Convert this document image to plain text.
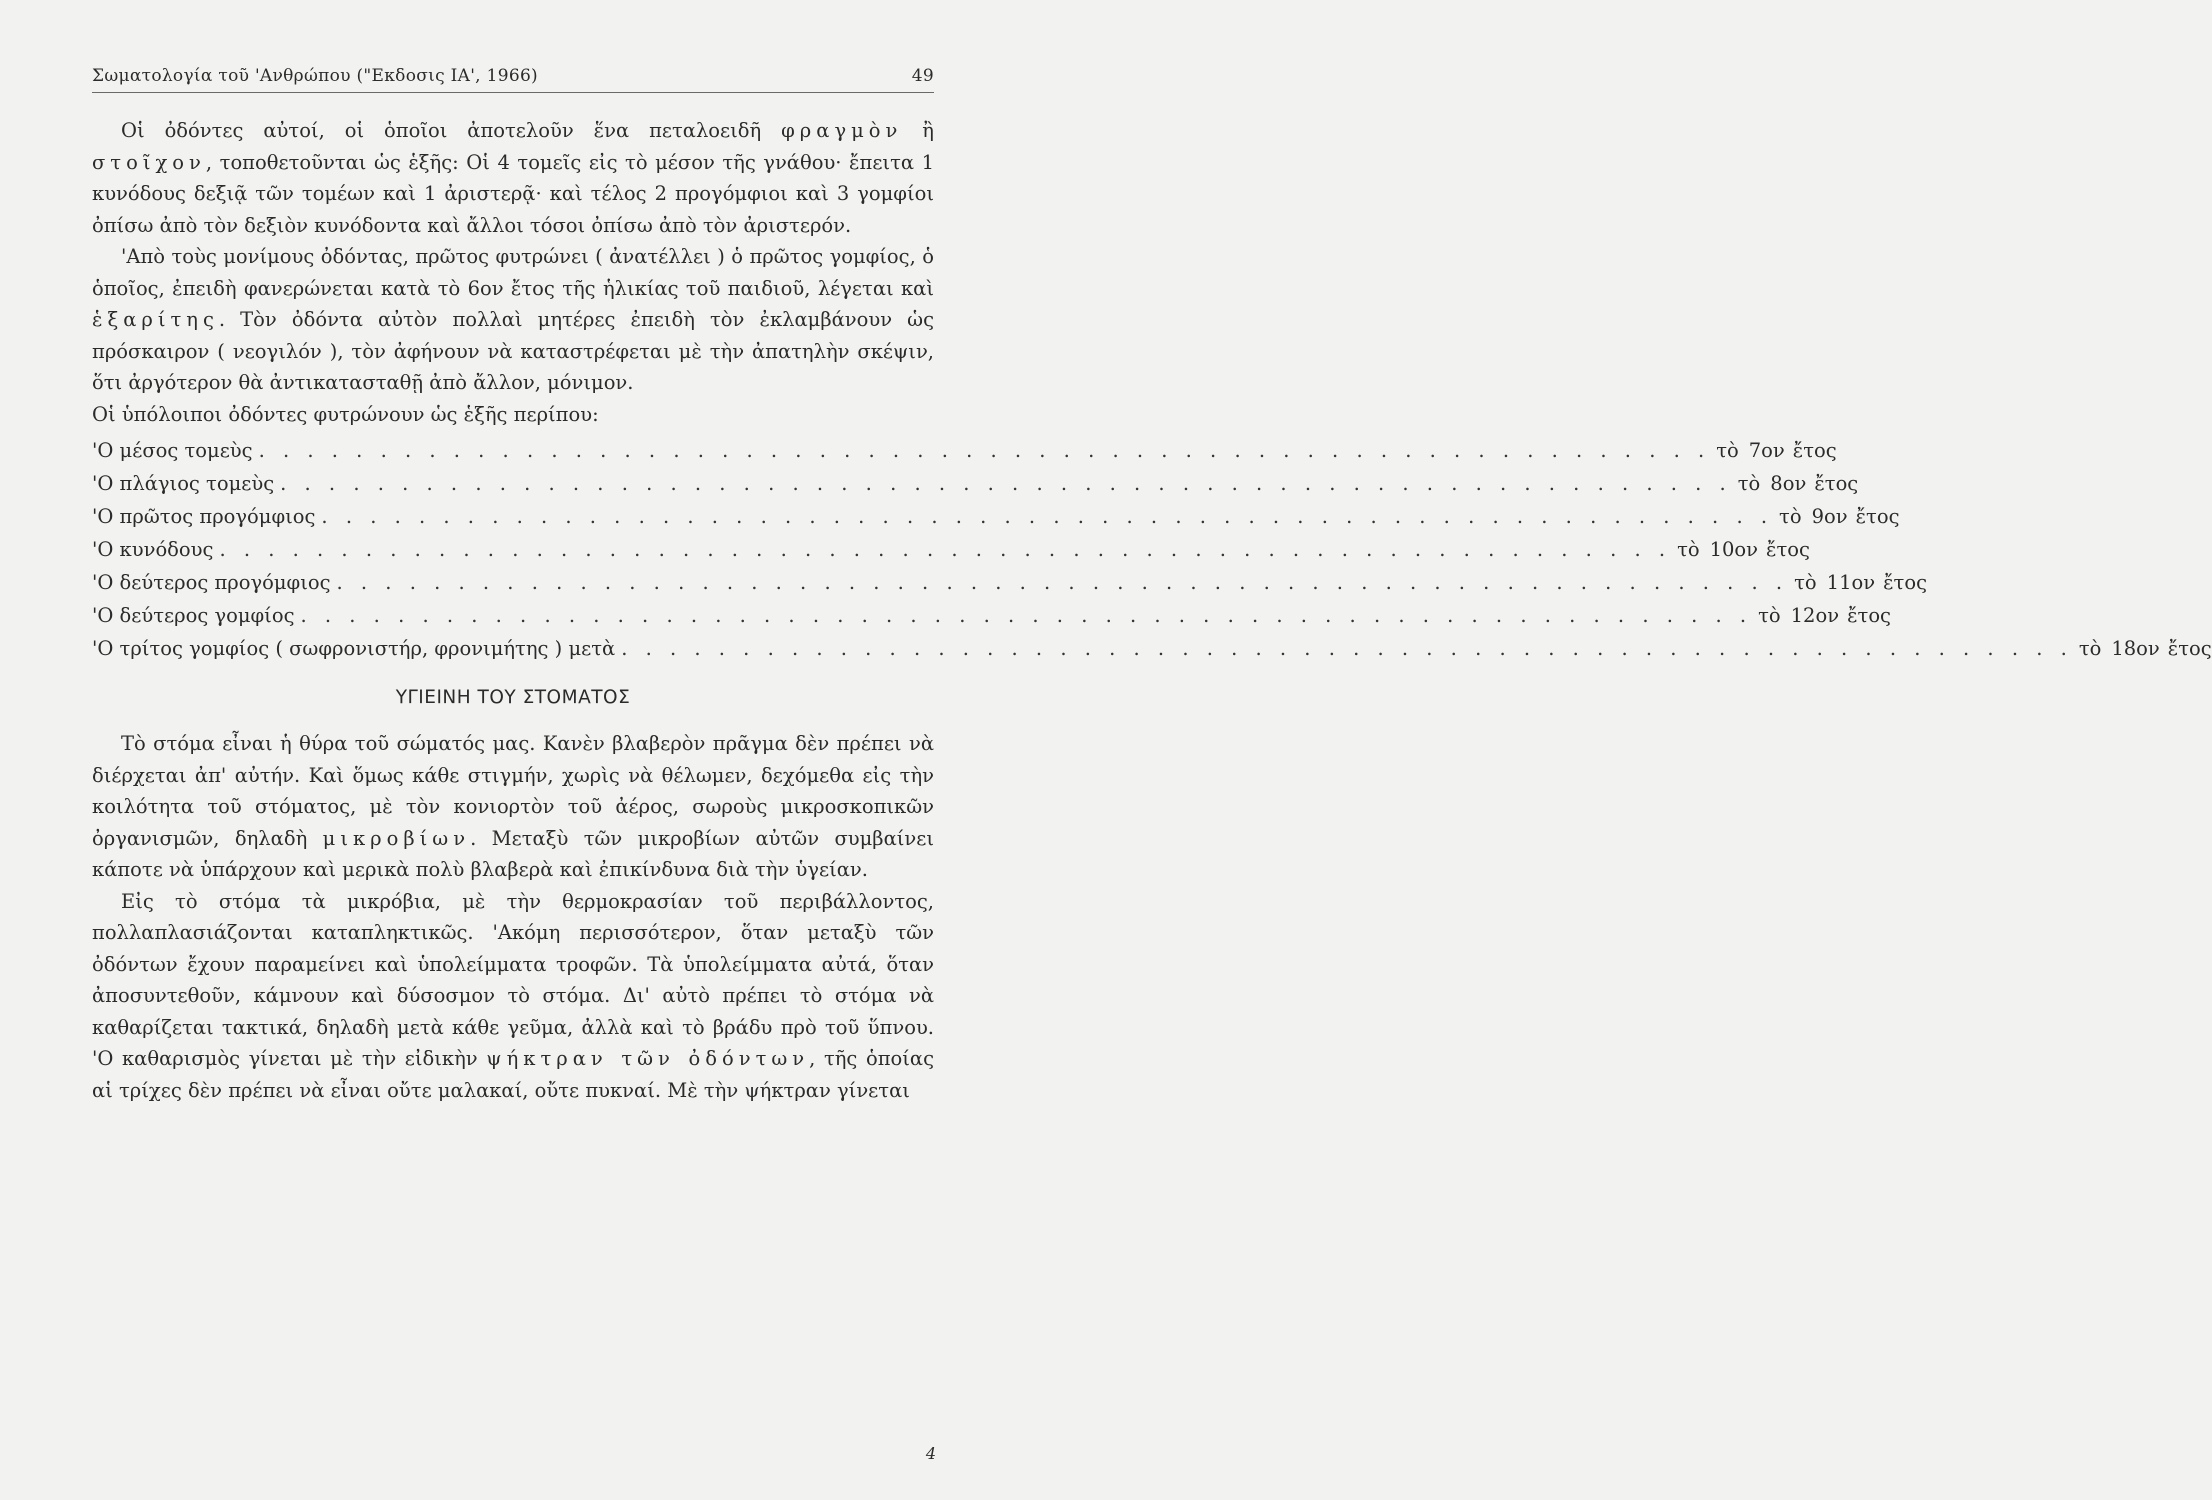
Σωματολογία τοῦ 'Ανθρώπου ("Εκδοσις ΙΑ', 1966)	49

Οἱ ὀδόντες αὐτοί, οἱ ὁποῖοι ἀποτελοῦν ἕνα πεταλοειδῆ φραγμὸν ἢ στοῖχον, τοποθετοῦνται ὡς ἑξῆς: Οἱ 4 τομεῖς εἰς τὸ μέσον τῆς γνάθου· ἔπειτα 1 κυνόδους δεξιᾷ τῶν τομέων καὶ 1 ἀριστερᾷ· καὶ τέλος 2 προγόμφιοι καὶ 3 γομφίοι ὀπίσω ἀπὸ τὸν δεξιὸν κυνόδοντα καὶ ἄλλοι τόσοι ὀπίσω ἀπὸ τὸν ἀριστερόν.

'Απὸ τοὺς μονίμους ὀδόντας, πρῶτος φυτρώνει ( ἀνατέλλει ) ὁ πρῶτος γομφίος, ὁ ὁποῖος, ἐπειδὴ φανερώνεται κατὰ τὸ 6ον ἔτος τῆς ἡλικίας τοῦ παιδιοῦ, λέγεται καὶ ἑξαρίτης. Τὸν ὀδόντα αὐτὸν πολλαὶ μητέρες ἐπειδὴ τὸν ἐκλαμβάνουν ὡς πρόσκαιρον ( νεογιλόν ), τὸν ἀφήνουν νὰ καταστρέφεται μὲ τὴν ἀπατηλὴν σκέψιν, ὅτι ἀργότερον θὰ ἀντικατασταθῇ ἀπὸ ἄλλον, μόνιμον.

Οἱ ὑπόλοιποι ὀδόντες φυτρώνουν ὡς ἑξῆς περίπου:

'Ο μέσος τομεὺς . . . . . . . . . . . . . . . . . . . . . . . . . . . . . . . . . . . . . . . . . . . . . . . . . . . . . . . . . . . . τὸ 7ον ἔτος
'Ο πλάγιος τομεὺς . . . . . . . . . . . . . . . . . . . . . . . . . . . . . . . . . . . . . . . . . . . . . . . . . . . . . . . . . . . . τὸ 8ον ἔτος
'Ο πρῶτος προγόμφιος . . . . . . . . . . . . . . . . . . . . . . . . . . . . . . . . . . . . . . . . . . . . . . . . . . . . . . . . . . . . τὸ 9ον ἔτος
'Ο κυνόδους . . . . . . . . . . . . . . . . . . . . . . . . . . . . . . . . . . . . . . . . . . . . . . . . . . . . . . . . . . . . τὸ 10ον ἔτος
'Ο δεύτερος προγόμφιος . . . . . . . . . . . . . . . . . . . . . . . . . . . . . . . . . . . . . . . . . . . . . . . . . . . . . . . . . . . . τὸ 11ον ἔτος
'Ο δεύτερος γομφίος . . . . . . . . . . . . . . . . . . . . . . . . . . . . . . . . . . . . . . . . . . . . . . . . . . . . . . . . . . . . τὸ 12ον ἔτος
'Ο τρίτος γομφίος ( σωφρονιστήρ, φρονιμήτης ) μετὰ . . . . . . . . . . . . . . . . . . . . . . . . . . . . . . . . . . . . . . . . . . . . . . . . . . . . . . . . . . . . τὸ 18ον ἔτος
ΥΓΙΕΙΝΗ ΤΟΥ ΣΤΟΜΑΤΟΣ

Τὸ στόμα εἶναι ἡ θύρα τοῦ σώματός μας. Κανὲν βλαβερὸν πρᾶγμα δὲν πρέπει νὰ διέρχεται ἀπ' αὐτήν. Καὶ ὅμως κάθε στιγμήν, χωρὶς νὰ θέλωμεν, δεχόμεθα εἰς τὴν κοιλότητα τοῦ στόματος, μὲ τὸν κονιορτὸν τοῦ ἀέρος, σωροὺς μικροσκοπικῶν ὀργανισμῶν, δηλαδὴ μικροβίων. Μεταξὺ τῶν μικροβίων αὐτῶν συμβαίνει κάποτε νὰ ὑπάρχουν καὶ μερικὰ πολὺ βλαβερὰ καὶ ἐπικίνδυνα διὰ τὴν ὑγείαν.

Εἰς τὸ στόμα τὰ μικρόβια, μὲ τὴν θερμοκρασίαν τοῦ περιβάλλοντος, πολλαπλασιάζονται καταπληκτικῶς. 'Ακόμη περισσότερον, ὅταν μεταξὺ τῶν ὀδόντων ἔχουν παραμείνει καὶ ὑπολείμματα τροφῶν. Τὰ ὑπολείμματα αὐτά, ὅταν ἀποσυντεθοῦν, κάμνουν καὶ δύσοσμον τὸ στόμα. Δι' αὐτὸ πρέπει τὸ στόμα νὰ καθαρίζεται τακτικά, δηλαδὴ μετὰ κάθε γεῦμα, ἀλλὰ καὶ τὸ βράδυ πρὸ τοῦ ὕπνου. 'Ο καθαρισμὸς γίνεται μὲ τὴν εἰδικὴν ψήκτραν τῶν ὀδόντων, τῆς ὁποίας αἱ τρίχες δὲν πρέπει νὰ εἶναι οὔτε μαλακαί, οὔτε πυκναί. Μὲ τὴν ψήκτραν γίνεται

4
